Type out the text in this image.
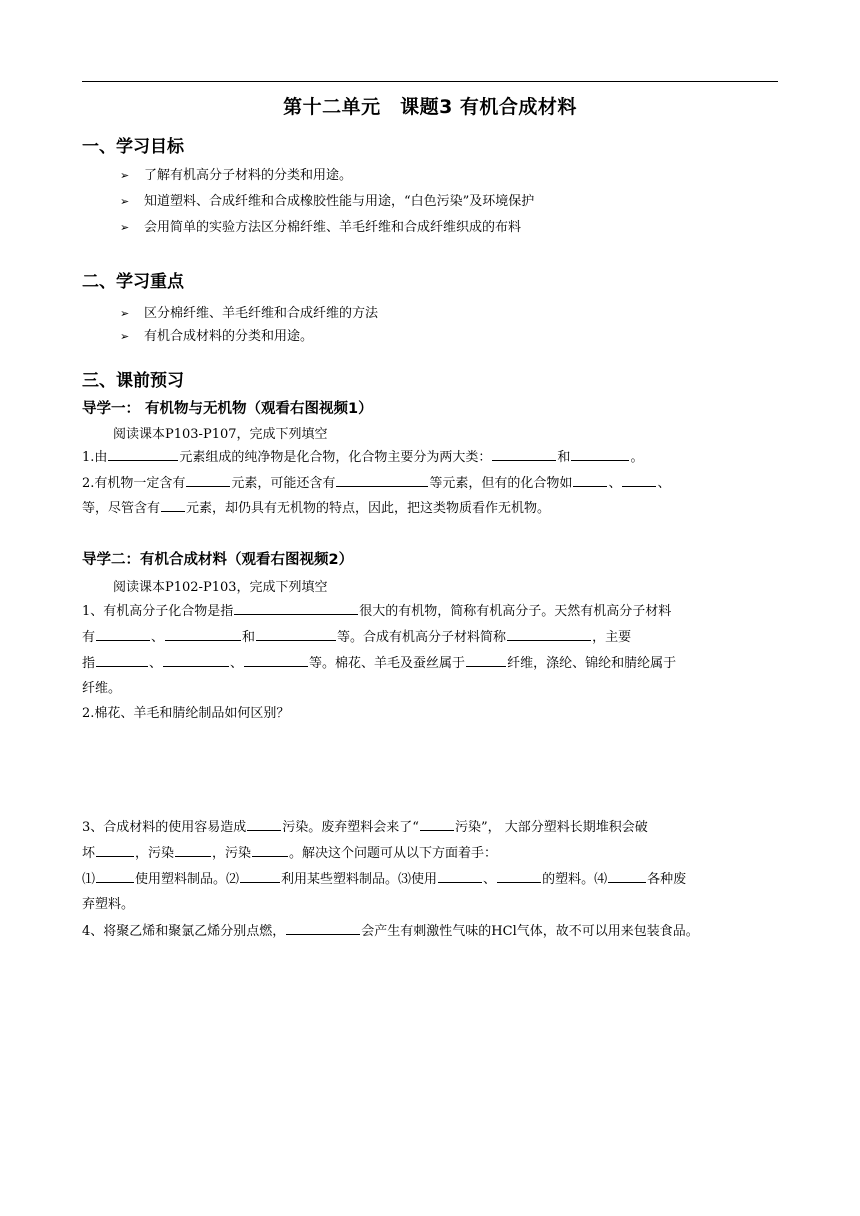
第十二单元　课题3 有机合成材料
一、学习目标
➢ 了解有机高分子材料的分类和用途。
➢ 知道塑料、合成纤维和合成橡胶性能与用途，“白色污染”及环境保护
➢ 会用简单的实验方法区分棉纤维、羊毛纤维和合成纤维织成的布料
二、学习重点
➢ 区分棉纤维、羊毛纤维和合成纤维的方法
➢ 有机合成材料的分类和用途。
三、课前预习
导学一： 有机物与无机物（观看右图视频1）
阅读课本P103-P107，完成下列填空
1.由	元素组成的纯净物是化合物，化合物主要分为两大类：	和	。
2.有机物一定含有	元素，可能还含有	等元素，但有的化合物如	、	、
等，尽管含有 元素，却仍具有无机物的特点，因此，把这类物质看作无机物。
导学二：有机合成材料（观看右图视频2）
阅读课本P102-P103，完成下列填空
1、有机高分子化合物是指	很大的有机物，简称有机高分子。天然有机高分子材料
有	、	和	等。合成有机高分子材料简称	，主要
指	、	、	等。棉花、羊毛及蚕丝属于	纤维，涤纶、锦纶和腈纶属于
纤维。
2.棉花、羊毛和腈纶制品如何区别？
3、合成材料的使用容易造成	污染。废弃塑料会来了“	污染”， 大部分塑料长期堆积会破
坏	，污染	，污染	。解决这个问题可从以下方面着手：
⑴	使用塑料制品。⑵	利用某些塑料制品。⑶使用	、	的塑料。⑷	各种废
弃塑料。
4、将聚乙烯和聚氯乙烯分别点燃，	会产生有刺激性气味的HCl气体，故不可以用来包装食品。
